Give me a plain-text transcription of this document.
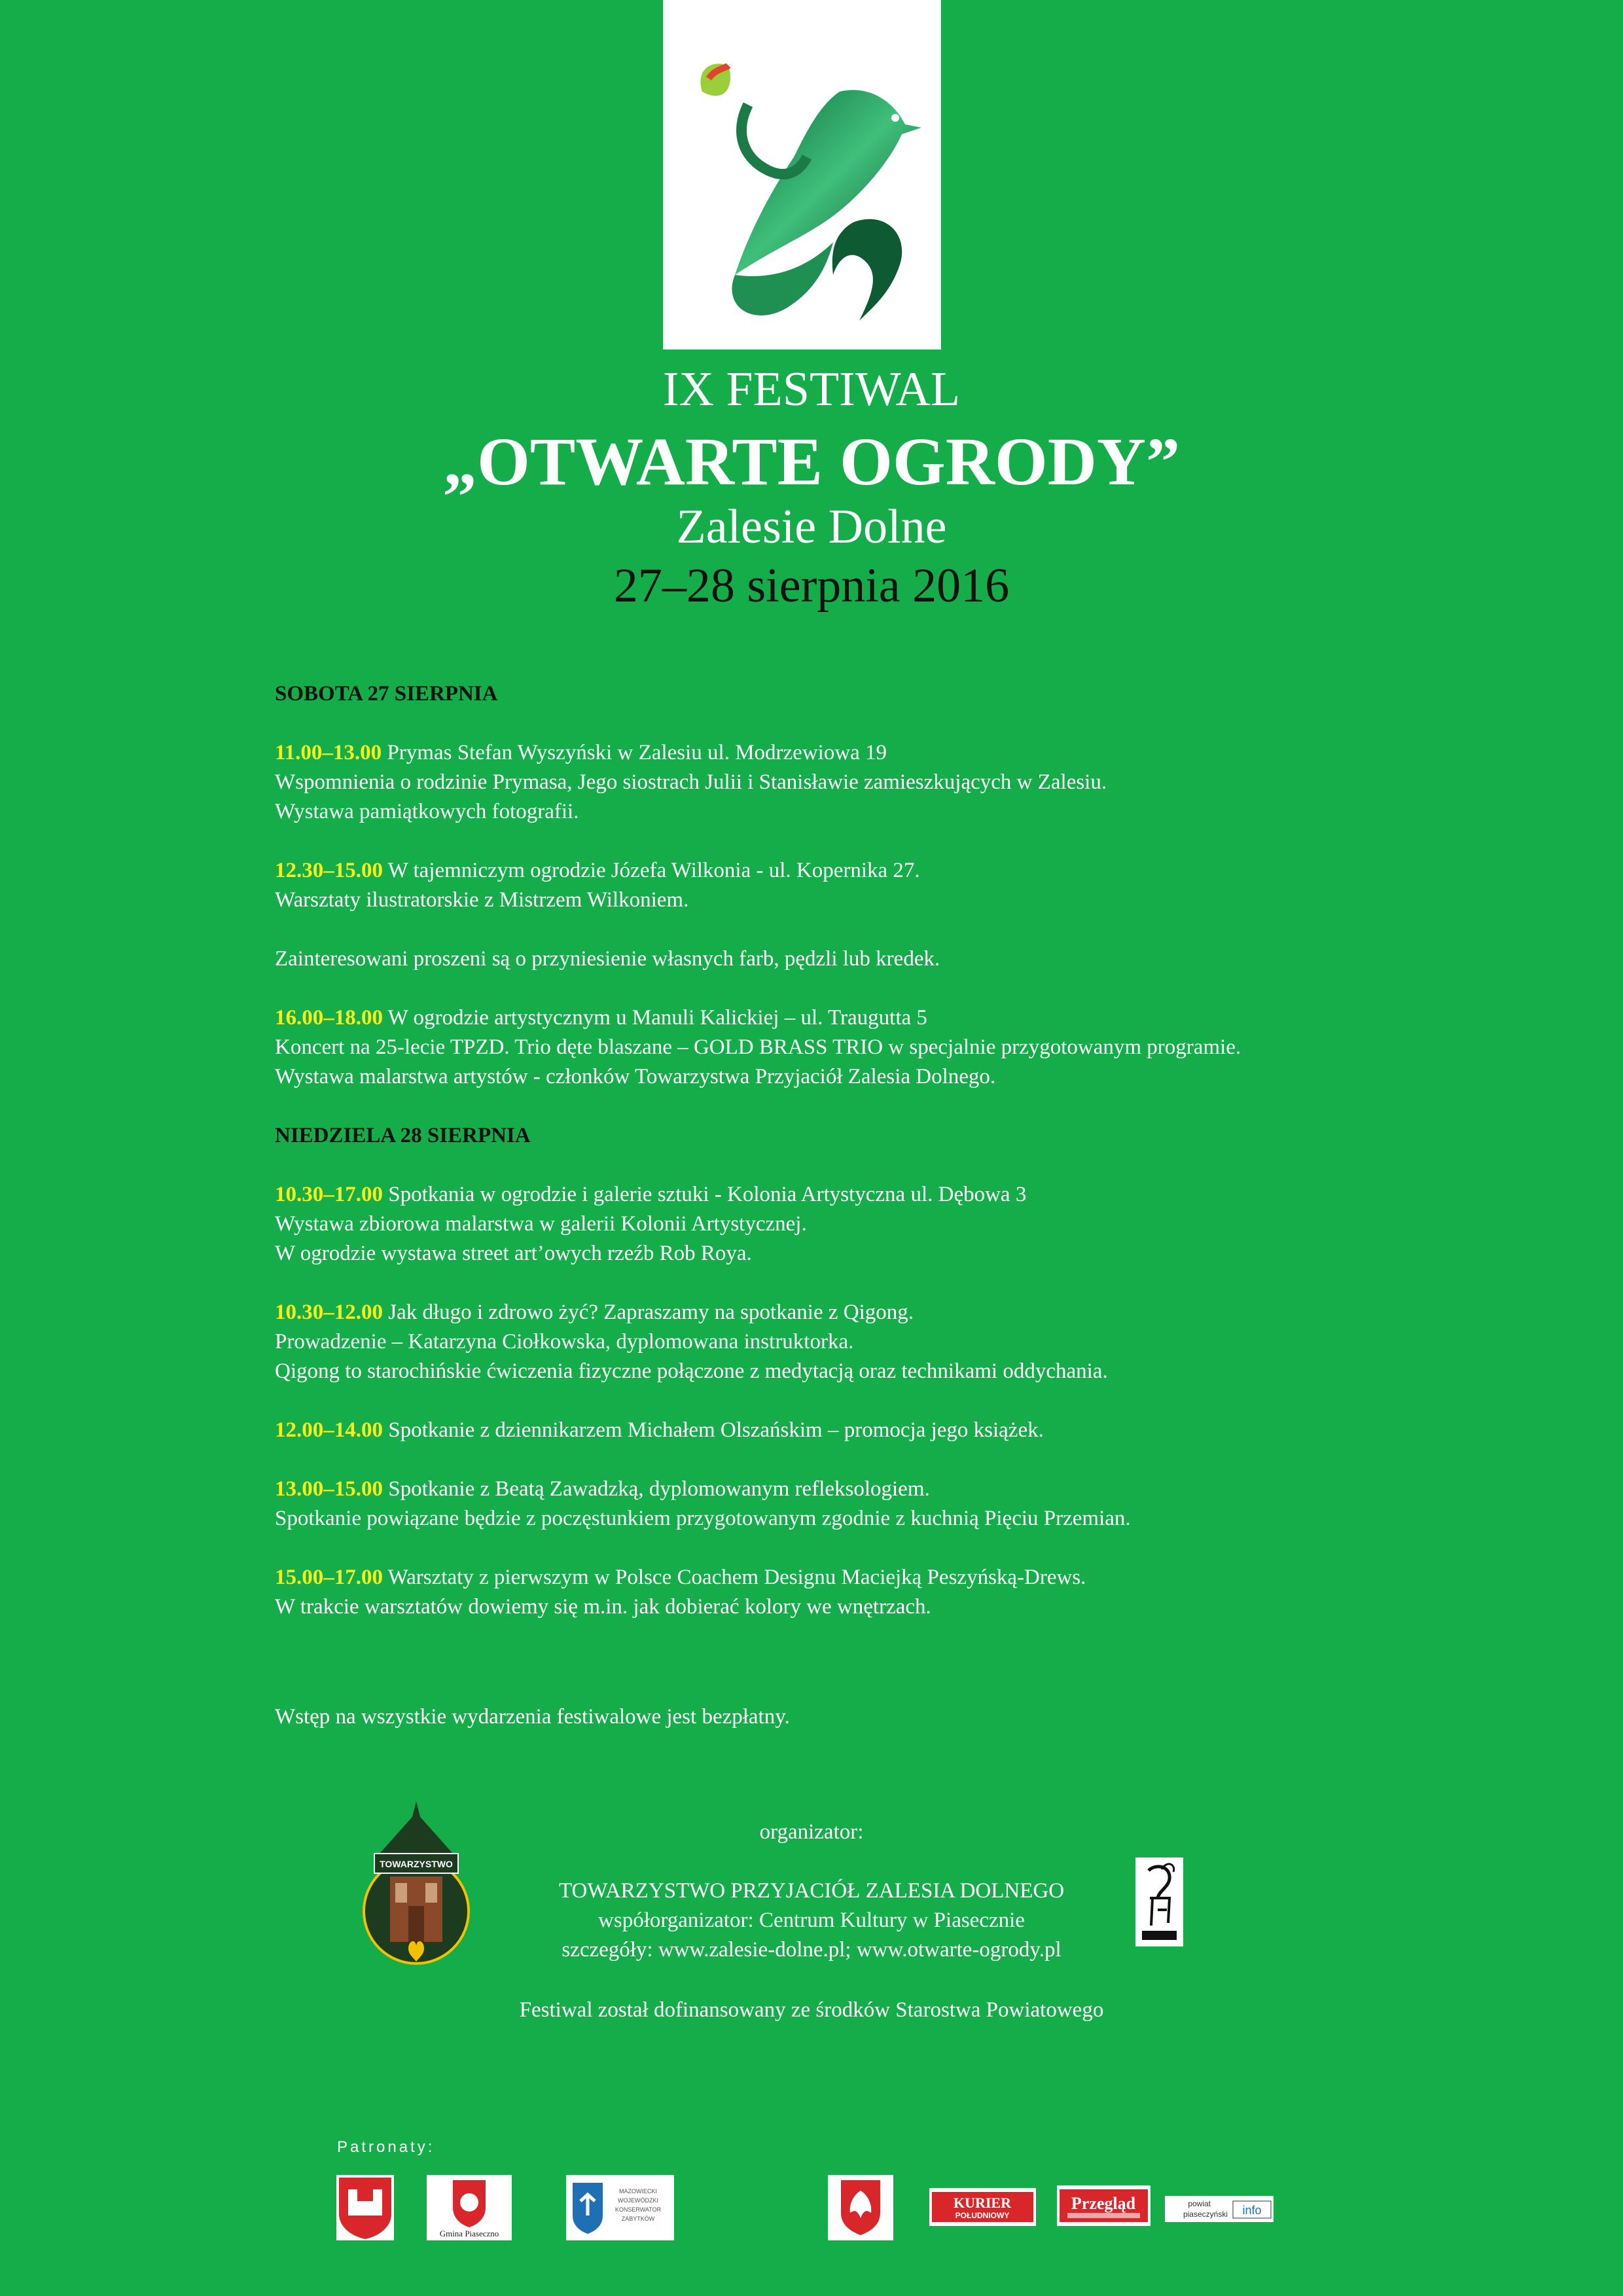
IX FESTIWAL
„OTWARTE OGRODY”
Zalesie Dolne
27–28 sierpnia 2016

SOBOTA 27 SIERPNIA

11.00–13.00 Prymas Stefan Wyszyński w Zalesiu ul. Modrzewiowa 19

Wspomnienia o rodzinie Prymasa, Jego siostrach Julii i Stanisławie zamieszkujących w Zalesiu.

Wystawa pamiątkowych fotografii.

12.30–15.00 W tajemniczym ogrodzie Józefa Wilkonia - ul. Kopernika 27.

Warsztaty ilustratorskie z Mistrzem Wilkoniem.

Zainteresowani proszeni są o przyniesienie własnych farb, pędzli lub kredek.

16.00–18.00 W ogrodzie artystycznym u Manuli Kalickiej – ul. Traugutta 5

Koncert na 25-lecie TPZD. Trio dęte blaszane – GOLD BRASS TRIO w specjalnie przygotowanym programie.

Wystawa malarstwa artystów - członków Towarzystwa Przyjaciół Zalesia Dolnego.

NIEDZIELA 28 SIERPNIA

10.30–17.00 Spotkania w ogrodzie i galerie sztuki - Kolonia Artystyczna ul. Dębowa 3

Wystawa zbiorowa malarstwa w galerii Kolonii Artystycznej.

W ogrodzie wystawa street art’owych rzeźb Rob Roya.

10.30–12.00 Jak długo i zdrowo żyć? Zapraszamy na spotkanie z Qigong.

Prowadzenie – Katarzyna Ciołkowska, dyplomowana instruktorka.

Qigong to starochińskie ćwiczenia fizyczne połączone z medytacją oraz technikami oddychania.

12.00–14.00 Spotkanie z dziennikarzem Michałem Olszańskim – promocja jego książek.

13.00–15.00 Spotkanie z Beatą Zawadzką, dyplomowanym refleksologiem.

Spotkanie powiązane będzie z poczęstunkiem przygotowanym zgodnie z kuchnią Pięciu Przemian.

15.00–17.00 Warsztaty z pierwszym w Polsce Coachem Designu Maciejką Peszyńską-Drews.

W trakcie warsztatów dowiemy się m.in. jak dobierać kolory we wnętrzach.

Wstęp na wszystkie wydarzenia festiwalowe jest bezpłatny.

TOWARZYSTWO
organizator:
TOWARZYSTWO PRZYJACIÓŁ ZALESIA DOLNEGO
współorganizator: Centrum Kultury w Piasecznie
szczegóły: www.zalesie-dolne.pl; www.otwarte-ogrody.pl
Festiwal został dofinansowany ze środków Starostwa Powiatowego
Patronaty:
Gmina Piaseczno
MAZOWIECKI
WOJEWÓDZKI
KONSERWATOR
ZABYTKÓW
KURIER
POŁUDNIOWY
Przegląd	powiat
piaseczyński info
